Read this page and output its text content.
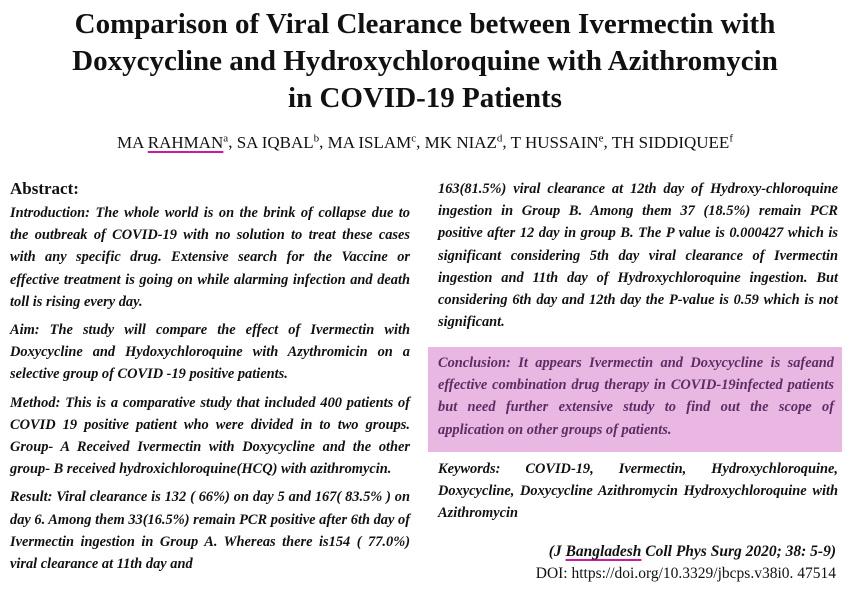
Comparison of Viral Clearance between Ivermectin with
Doxycycline and Hydroxychloroquine with Azithromycin
in COVID-19 Patients
MA RAHMAN$^a$, SA IQBAL$^b$, MA ISLAM$^c$, MK NIAZ$^d$, T HUSSAIN$^e$, TH SIDDIQUEE$^f$
Abstract:

Introduction: The whole world is on the brink of collapse due to the outbreak of COVID-19 with no solution to treat these cases with any specific drug. Extensive search for the Vaccine or effective treatment is going on while alarming infection and death toll is rising every day.

Aim: The study will compare the effect of Ivermectin with Doxycycline and Hydoxychloroquine with Azythromicin on a selective group of COVID -19 positive patients.

Method: This is a comparative study that included 400 patients of COVID 19 positive patient who were divided in to two groups. Group- A Received Ivermectin with Doxycycline and the other group- B received hydroxichloroquine(HCQ) with azithromycin.

Result: Viral clearance is 132 ( 66%) on day 5 and 167( 83.5% ) on day 6. Among them 33(16.5%) remain PCR positive after 6th day of Ivermectin ingestion in Group A. Whereas there is154 ( 77.0%) viral clearance at 11th day and

163(81.5%) viral clearance at 12th day of Hydroxy-chloroquine ingestion in Group B. Among them 37 (18.5%) remain PCR positive after 12 day in group B. The P value is 0.000427 which is significant considering 5th day viral clearance of Ivermectin ingestion and 11th day of Hydroxychloroquine ingestion. But considering 6th day and 12th day the P-value is 0.59 which is not significant.

Conclusion: It appears Ivermectin and Doxycycline is safeand effective combination drug therapy in COVID-19infected patients but need further extensive study to find out the scope of application on other groups of patients.

Keywords: COVID-19, Ivermectin, Hydroxychloroquine, Doxycycline, Doxycycline Azithromycin Hydroxychloroquine with Azithromycin

(J Bangladesh Coll Phys Surg 2020; 38: 5-9)
DOI: https://doi.org/10.3329/jbcps.v38i0. 47514
